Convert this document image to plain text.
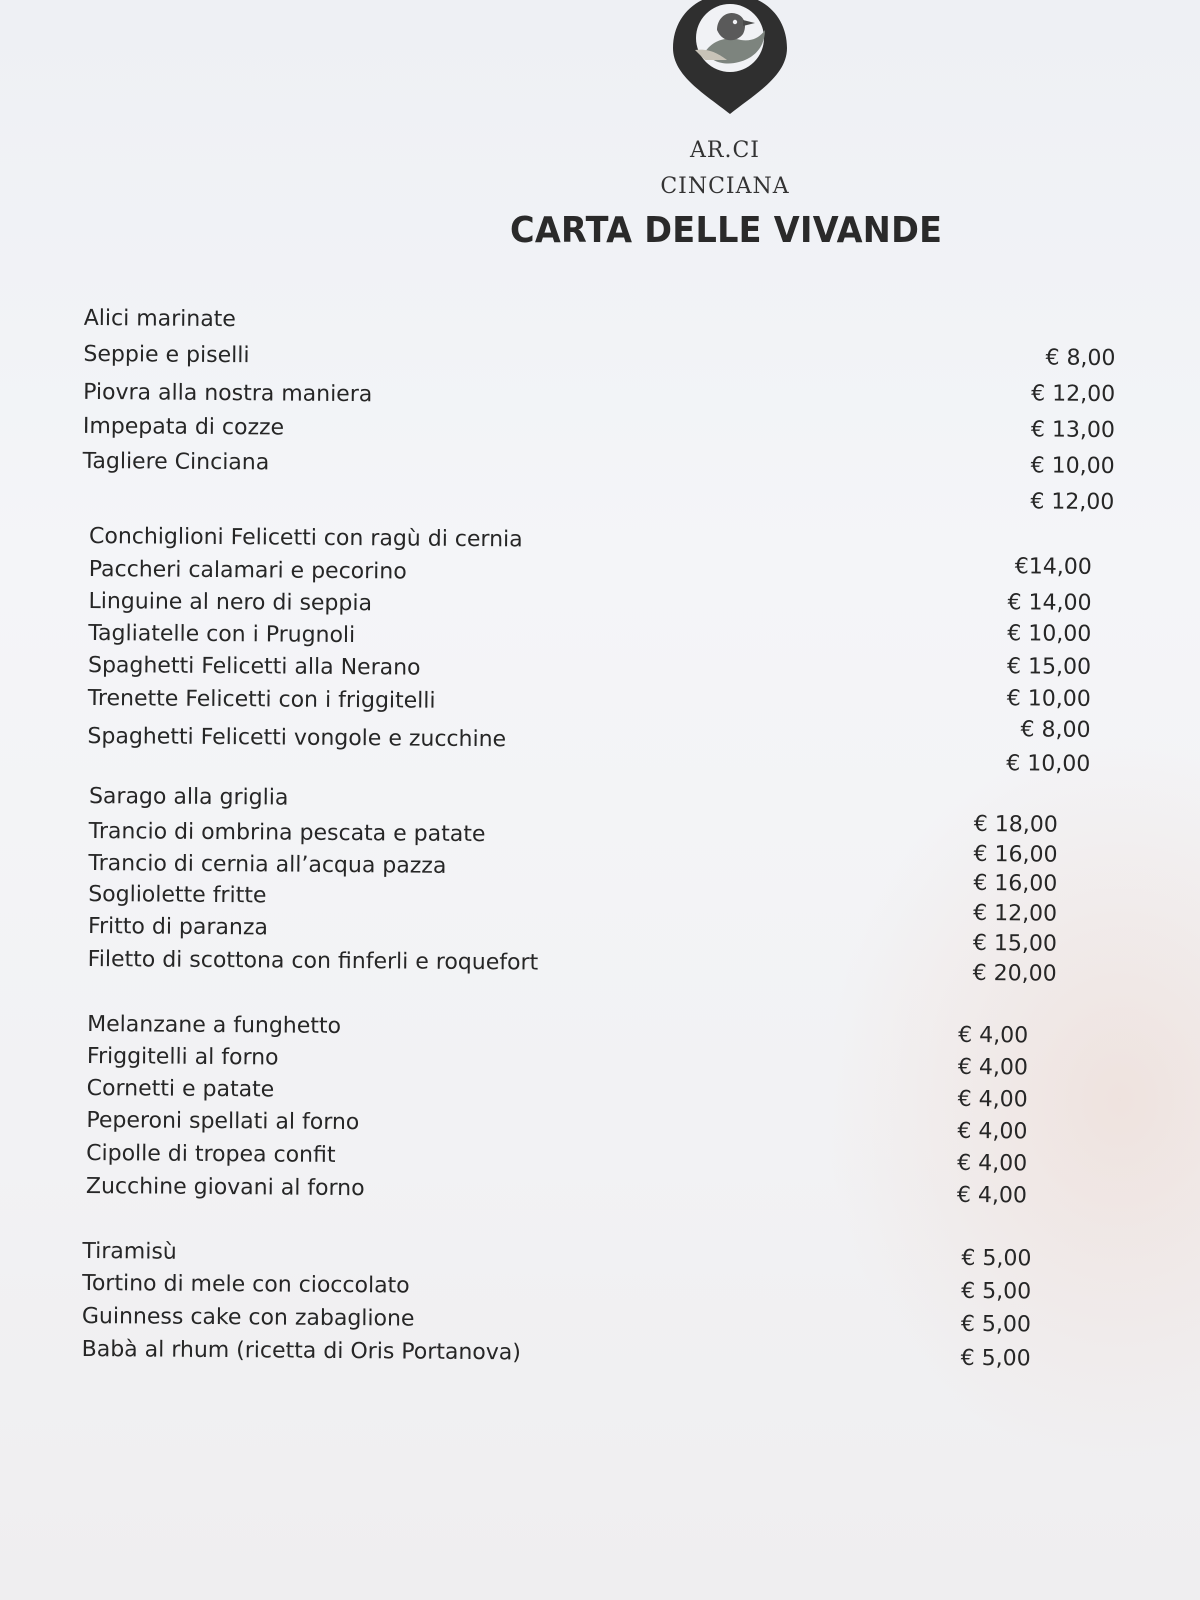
AR.CI
CINCIANA
CARTA DELLE VIVANDE
Alici marinate
Seppie e piselli
Piovra alla nostra maniera
Impepata di cozze
Tagliere Cinciana
€ 8,00
€ 12,00
€ 13,00
€ 10,00
€ 12,00
Conchiglioni Felicetti con ragù di cernia
Paccheri calamari e pecorino
Linguine al nero di seppia
Tagliatelle con i Prugnoli
Spaghetti Felicetti alla Nerano
Trenette Felicetti con i friggitelli
Spaghetti Felicetti vongole e zucchine
€14,00
€ 14,00
€ 10,00
€ 15,00
€ 10,00
€ 8,00
€ 10,00
Sarago alla griglia
Trancio di ombrina pescata e patate
Trancio di cernia all’acqua pazza
Sogliolette fritte
Fritto di paranza
Filetto di scottona con finferli e roquefort
€ 18,00
€ 16,00
€ 16,00
€ 12,00
€ 15,00
€ 20,00
Melanzane a funghetto
Friggitelli al forno
Cornetti e patate
Peperoni spellati al forno
Cipolle di tropea confit
Zucchine giovani al forno
€ 4,00
€ 4,00
€ 4,00
€ 4,00
€ 4,00
€ 4,00
Tiramisù
Tortino di mele con cioccolato
Guinness cake con zabaglione
Babà al rhum (ricetta di Oris Portanova)
€ 5,00
€ 5,00
€ 5,00
€ 5,00
